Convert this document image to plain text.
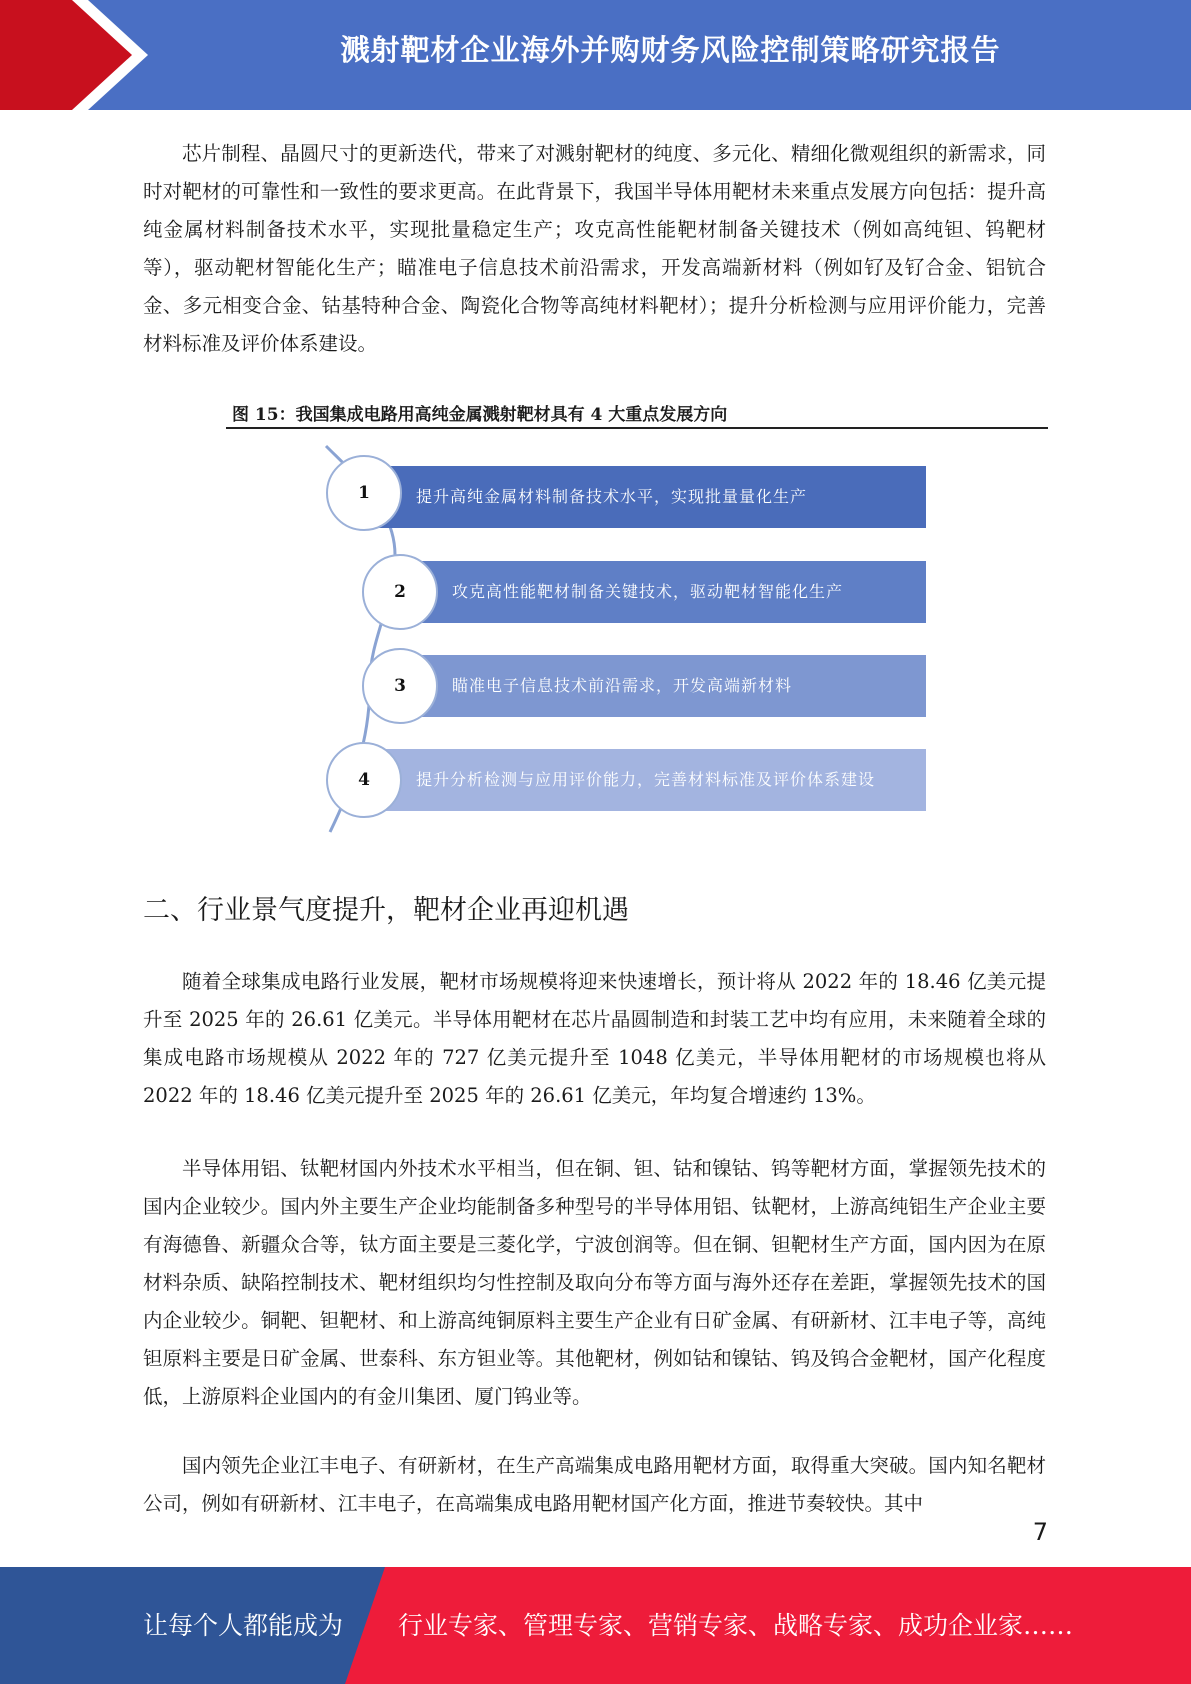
溅射靶材企业海外并购财务风险控制策略研究报告

芯片制程、晶圆尺寸的更新迭代，带来了对溅射靶材的纯度、多元化、精细化微观组织的新需求，同时对靶材的可靠性和一致性的要求更高。在此背景下，我国半导体用靶材未来重点发展方向包括：提升高纯金属材料制备技术水平，实现批量稳定生产；攻克高性能靶材制备关键技术（例如高纯钽、钨靶材等），驱动靶材智能化生产；瞄准电子信息技术前沿需求，开发高端新材料（例如钌及钌合金、铝钪合金、多元相变合金、钴基特种合金、陶瓷化合物等高纯材料靶材）；提升分析检测与应用评价能力，完善材料标准及评价体系建设。

图 15：我国集成电路用高纯金属溅射靶材具有 4 大重点发展方向
提升高纯金属材料制备技术水平，实现批量量化生产
1
攻克高性能靶材制备关键技术，驱动靶材智能化生产
2
瞄准电子信息技术前沿需求，开发高端新材料
3
提升分析检测与应用评价能力，完善材料标准及评价体系建设
4
二、行业景气度提升，靶材企业再迎机遇

随着全球集成电路行业发展，靶材市场规模将迎来快速增长，预计将从 2022 年的 18.46 亿美元提升至 2025 年的 26.61 亿美元。半导体用靶材在芯片晶圆制造和封装工艺中均有应用，未来随着全球的集成电路市场规模从 2022 年的 727 亿美元提升至 1048 亿美元，半导体用靶材的市场规模也将从 2022 年的 18.46 亿美元提升至 2025 年的 26.61 亿美元，年均复合增速约 13%。

半导体用铝、钛靶材国内外技术水平相当，但在铜、钽、钴和镍钴、钨等靶材方面，掌握领先技术的国内企业较少。国内外主要生产企业均能制备多种型号的半导体用铝、钛靶材，上游高纯铝生产企业主要有海德鲁、新疆众合等，钛方面主要是三菱化学，宁波创润等。但在铜、钽靶材生产方面，国内因为在原材料杂质、缺陷控制技术、靶材组织均匀性控制及取向分布等方面与海外还存在差距，掌握领先技术的国内企业较少。铜靶、钽靶材、和上游高纯铜原料主要生产企业有日矿金属、有研新材、江丰电子等，高纯钽原料主要是日矿金属、世泰科、东方钽业等。其他靶材，例如钴和镍钴、钨及钨合金靶材，国产化程度低，上游原料企业国内的有金川集团、厦门钨业等。

国内领先企业江丰电子、有研新材，在生产高端集成电路用靶材方面，取得重大突破。国内知名靶材公司，例如有研新材、江丰电子，在高端集成电路用靶材国产化方面，推进节奏较快。其中

7
让每个人都能成为 行业专家、管理专家、营销专家、战略专家、成功企业家……
